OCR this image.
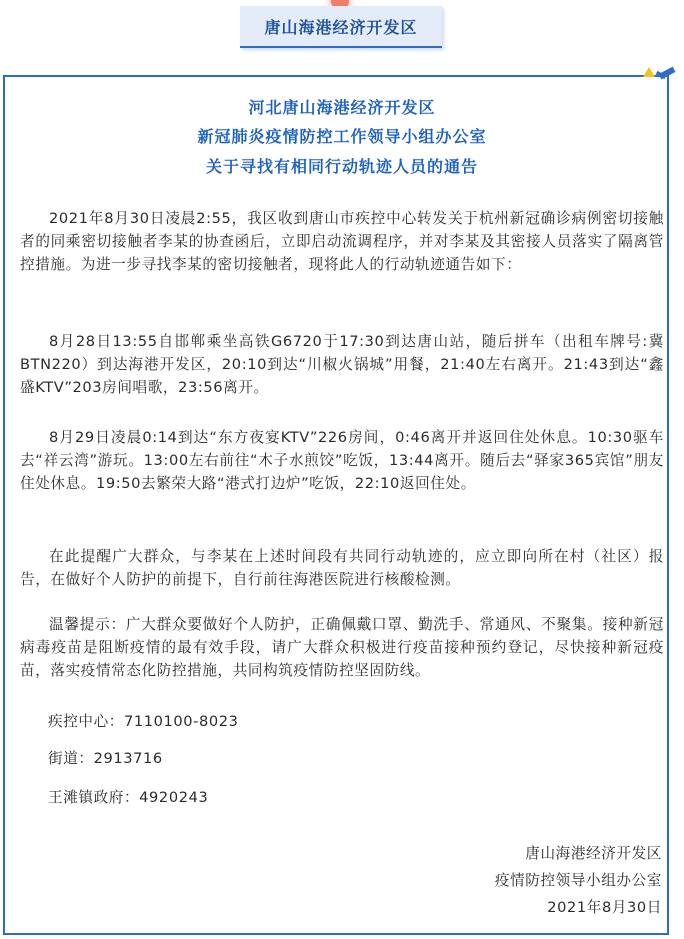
唐山海港经济开发区
河北唐山海港经济开发区
新冠肺炎疫情防控工作领导小组办公室
关于寻找有相同行动轨迹人员的通告

2021年8月30日凌晨2:55，我区收到唐山市疾控中心转发关于杭州新冠确诊病例密切接触者的同乘密切接触者李某的协查函后，立即启动流调程序，并对李某及其密接人员落实了隔离管控措施。为进一步寻找李某的密切接触者，现将此人的行动轨迹通告如下：

8月28日13:55自邯郸乘坐高铁G6720于17:30到达唐山站，随后拼车（出租车牌号:冀BTN220）到达海港开发区，20:10到达“川椒火锅城”用餐，21:40左右离开。21:43到达“鑫盛KTV”203房间唱歌，23:56离开。

8月29日凌晨0:14到达“东方夜宴KTV”226房间，0:46离开并返回住处休息。10:30驱车去“祥云湾”游玩。13:00左右前往“木子水煎饺”吃饭，13:44离开。随后去“驿家365宾馆”朋友住处休息。19:50去繁荣大路“港式打边炉”吃饭，22:10返回住处。

在此提醒广大群众，与李某在上述时间段有共同行动轨迹的，应立即向所在村（社区）报告，在做好个人防护的前提下，自行前往海港医院进行核酸检测。

温馨提示：广大群众要做好个人防护，正确佩戴口罩、勤洗手、常通风、不聚集。接种新冠病毒疫苗是阻断疫情的最有效手段，请广大群众积极进行疫苗接种预约登记，尽快接种新冠疫苗，落实疫情常态化防控措施，共同构筑疫情防控坚固防线。

疾控中心：7110100-8023
街道：2913716
王滩镇政府：4920243
唐山海港经济开发区
疫情防控领导小组办公室
2021年8月30日
